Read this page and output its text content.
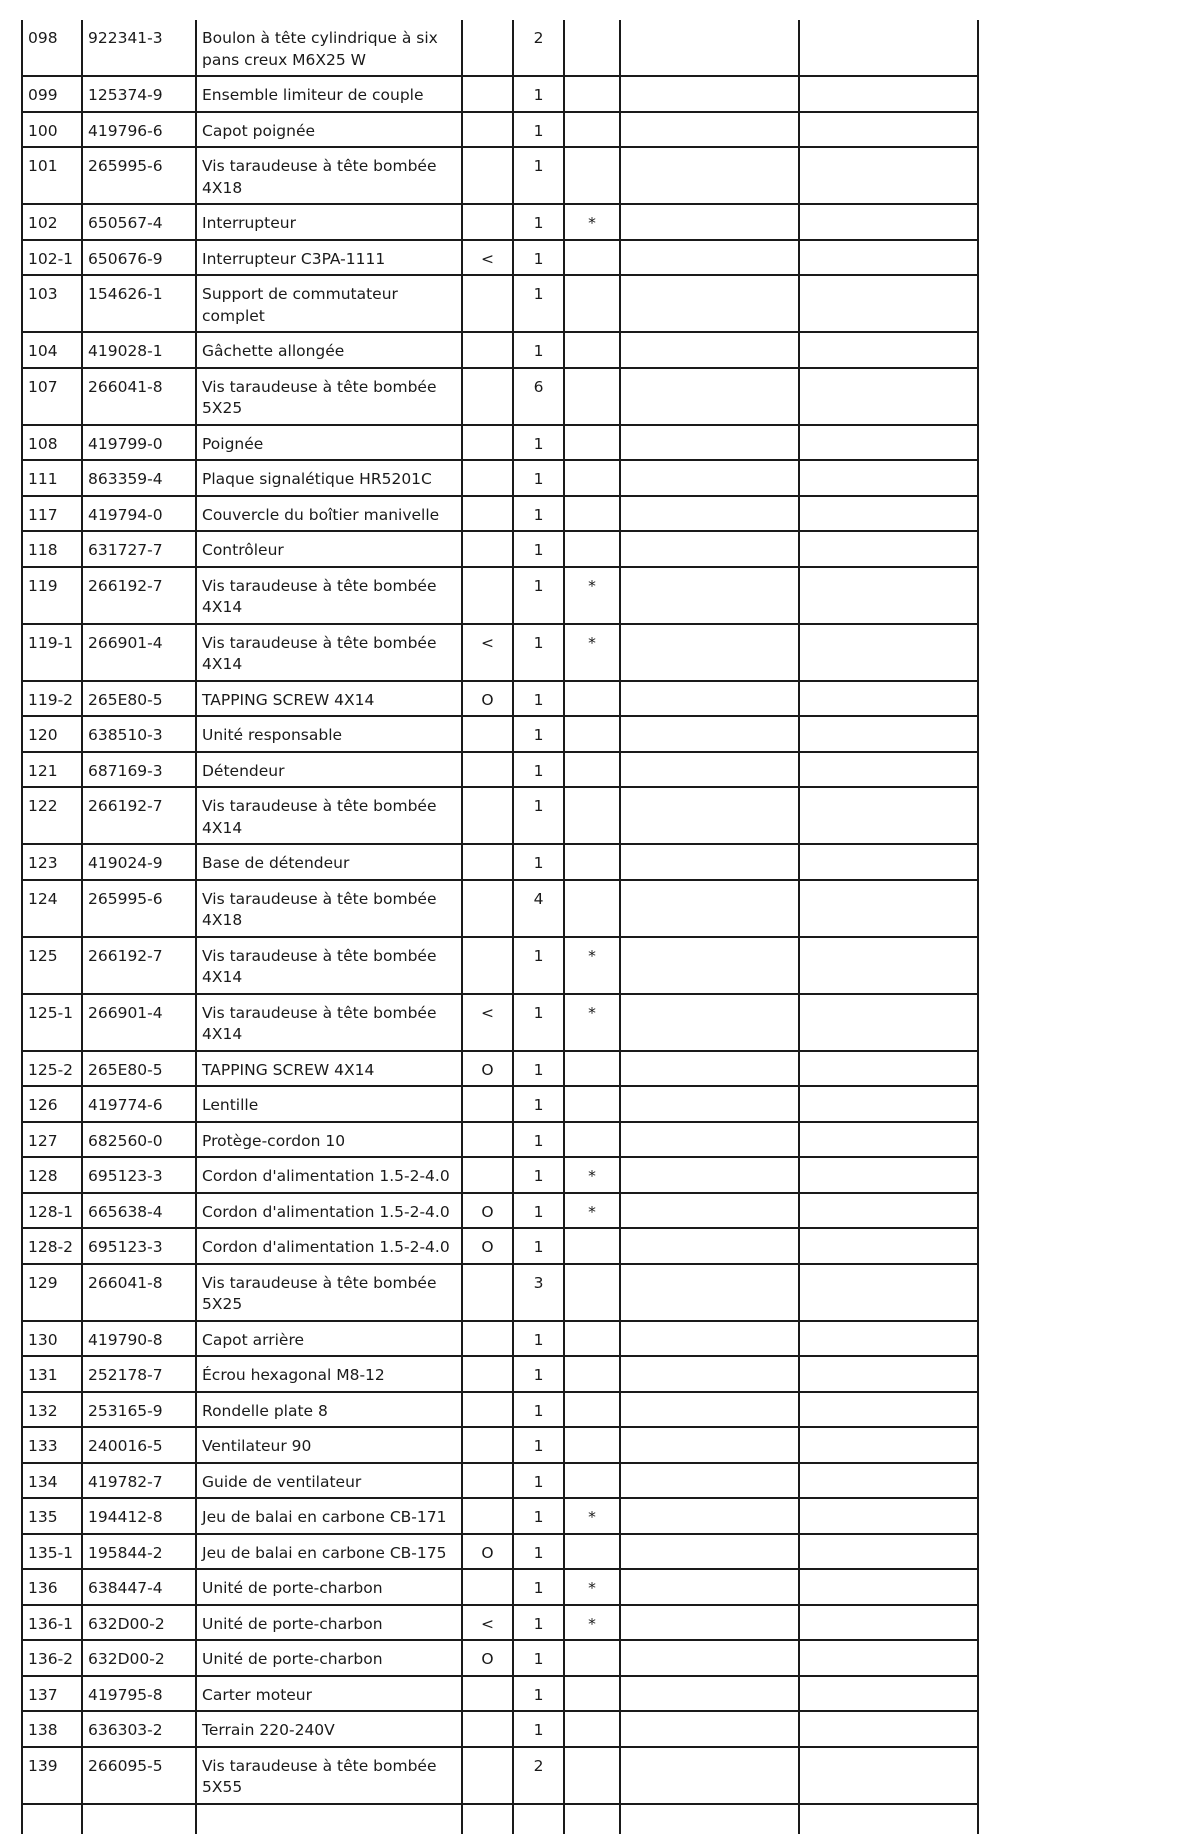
098	922341-3	Boulon à tête cylindrique à six pans creux M6X25 W		2			
099	125374-9	Ensemble limiteur de couple		1			
100	419796-6	Capot poignée		1			
101	265995-6	Vis taraudeuse à tête bombée 4X18		1			
102	650567-4	Interrupteur		1	*		
102-1	650676-9	Interrupteur C3PA-1111	<	1			
103	154626-1	Support de commutateur complet		1			
104	419028-1	Gâchette allongée		1			
107	266041-8	Vis taraudeuse à tête bombée 5X25		6			
108	419799-0	Poignée		1			
111	863359-4	Plaque signalétique HR5201C		1			
117	419794-0	Couvercle du boîtier manivelle		1			
118	631727-7	Contrôleur		1			
119	266192-7	Vis taraudeuse à tête bombée 4X14		1	*		
119-1	266901-4	Vis taraudeuse à tête bombée 4X14	<	1	*		
119-2	265E80-5	TAPPING SCREW 4X14	O	1			
120	638510-3	Unité responsable		1			
121	687169-3	Détendeur		1			
122	266192-7	Vis taraudeuse à tête bombée 4X14		1			
123	419024-9	Base de détendeur		1			
124	265995-6	Vis taraudeuse à tête bombée 4X18		4			
125	266192-7	Vis taraudeuse à tête bombée 4X14		1	*		
125-1	266901-4	Vis taraudeuse à tête bombée 4X14	<	1	*		
125-2	265E80-5	TAPPING SCREW 4X14	O	1			
126	419774-6	Lentille		1			
127	682560-0	Protège-cordon 10		1			
128	695123-3	Cordon d'alimentation 1.5-2-4.0		1	*		
128-1	665638-4	Cordon d'alimentation 1.5-2-4.0	O	1	*		
128-2	695123-3	Cordon d'alimentation 1.5-2-4.0	O	1			
129	266041-8	Vis taraudeuse à tête bombée 5X25		3			
130	419790-8	Capot arrière		1			
131	252178-7	Écrou hexagonal M8-12		1			
132	253165-9	Rondelle plate 8		1			
133	240016-5	Ventilateur 90		1			
134	419782-7	Guide de ventilateur		1			
135	194412-8	Jeu de balai en carbone CB-171		1	*		
135-1	195844-2	Jeu de balai en carbone CB-175	O	1			
136	638447-4	Unité de porte-charbon		1	*		
136-1	632D00-2	Unité de porte-charbon	<	1	*		
136-2	632D00-2	Unité de porte-charbon	O	1			
137	419795-8	Carter moteur		1			
138	636303-2	Terrain 220-240V		1			
139	266095-5	Vis taraudeuse à tête bombée 5X55		2			
